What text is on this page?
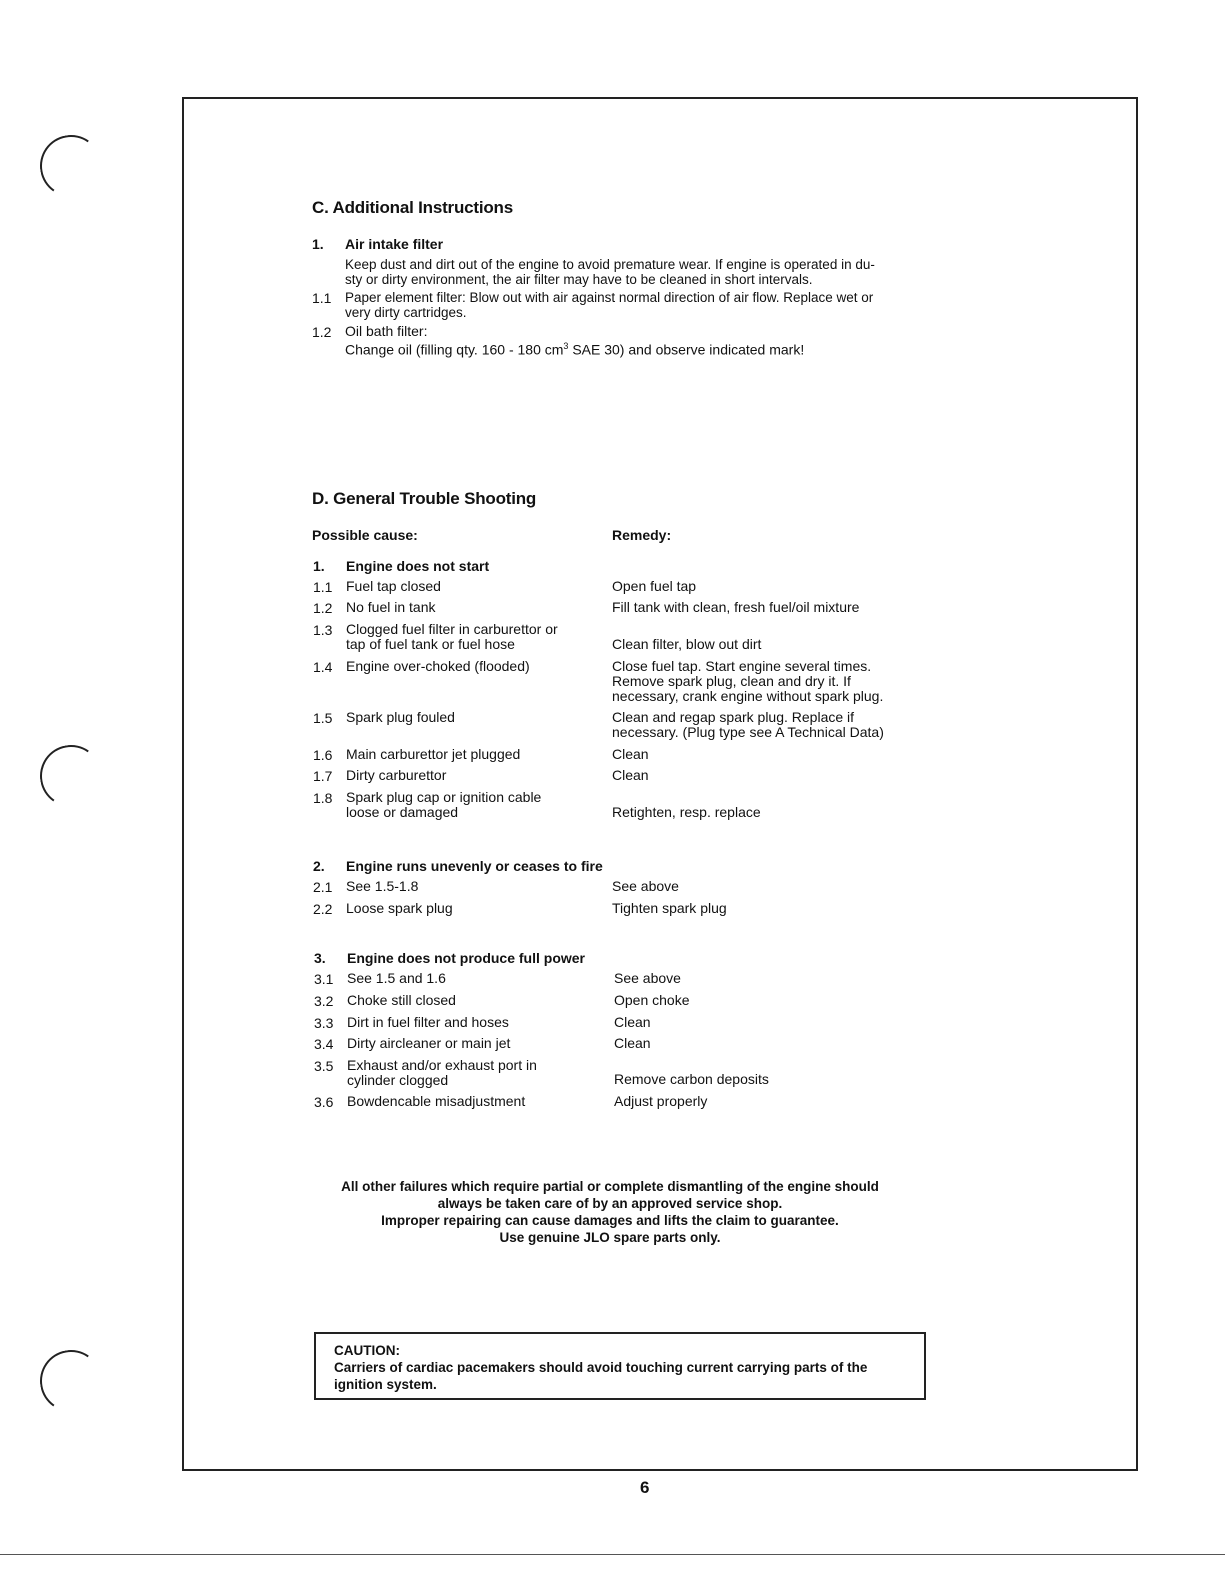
C. Additional Instructions
1. Air intake filter
Keep dust and dirt out of the engine to avoid premature wear. If engine is operated in du-
sty or dirty environment, the air filter may have to be cleaned in short intervals.
1.1 Paper element filter: Blow out with air against normal direction of air flow. Replace wet or
very dirty cartridges.
1.2 Oil bath filter:
Change oil (filling qty. 160 - 180 $cm^3$ SAE 30) and observe indicated mark!
D. General Trouble Shooting
Possible cause:	Remedy:
1. Engine does not start
1.1 Fuel tap closed	Open fuel tap
1.2 No fuel in tank	Fill tank with clean, fresh fuel/oil mixture
1.3 Clogged fuel filter in carburettor or
tap of fuel tank or fuel hose	Clean filter, blow out dirt
1.4 Engine over-choked (flooded)	Close fuel tap. Start engine several times.
Remove spark plug, clean and dry it. If
necessary, crank engine without spark plug.
1.5 Spark plug fouled	Clean and regap spark plug. Replace if
necessary. (Plug type see A Technical Data)
1.6 Main carburettor jet plugged	Clean
1.7 Dirty carburettor	Clean
1.8 Spark plug cap or ignition cable
loose or damaged	Retighten, resp. replace
2. Engine runs unevenly or ceases to fire
2.1 See 1.5-1.8	See above
2.2 Loose spark plug	Tighten spark plug
3. Engine does not produce full power
3.1 See 1.5 and 1.6	See above
3.2 Choke still closed	Open choke
3.3 Dirt in fuel filter and hoses	Clean
3.4 Dirty aircleaner or main jet	Clean
3.5 Exhaust and/or exhaust port in
cylinder clogged	Remove carbon deposits
3.6 Bowdencable misadjustment	Adjust properly
All other failures which require partial or complete dismantling of the engine should
always be taken care of by an approved service shop.
Improper repairing can cause damages and lifts the claim to guarantee.
Use genuine JLO spare parts only.
CAUTION:
Carriers of cardiac pacemakers should avoid touching current carrying parts of the
ignition system.
6
